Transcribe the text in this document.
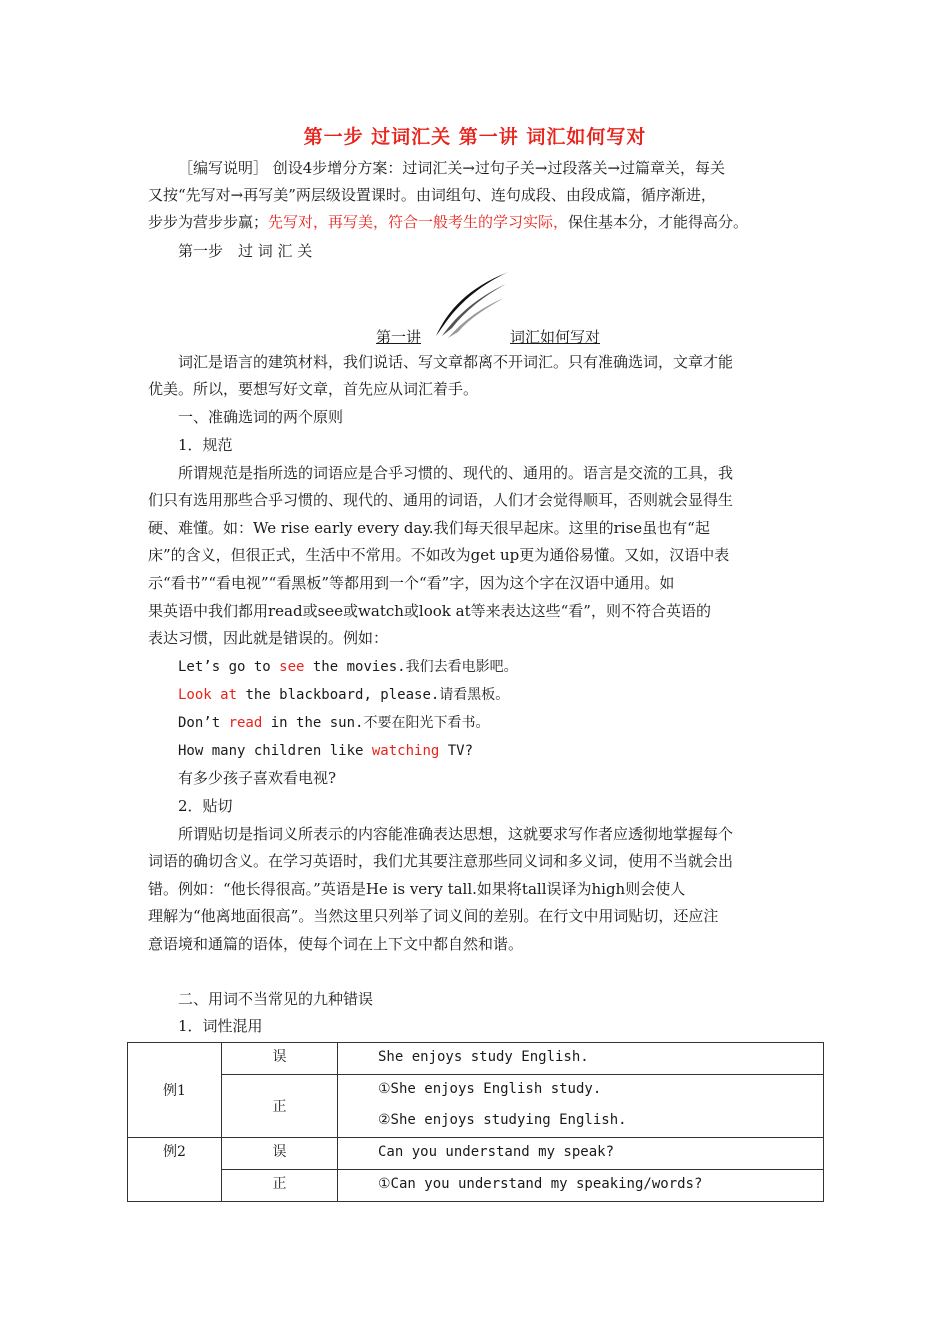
第一步 过词汇关 第一讲 词汇如何写对
［编写说明］ 创设4步增分方案：过词汇关→过句子关→过段落关→过篇章关，每关
又按“先写对→再写美”两层级设置课时。由词组句、连句成段、由段成篇，循序渐进，
步步为营步步赢；先写对，再写美，符合一般考生的学习实际，保住基本分，才能得高分。
第一步　过 词 汇 关
第一讲	词汇如何写对
词汇是语言的建筑材料，我们说话、写文章都离不开词汇。只有准确选词，文章才能
优美。所以，要想写好文章，首先应从词汇着手。
一、准确选词的两个原则
1．规范
所谓规范是指所选的词语应是合乎习惯的、现代的、通用的。语言是交流的工具，我
们只有选用那些合乎习惯的、现代的、通用的词语，人们才会觉得顺耳，否则就会显得生
硬、难懂。如：We rise early every day.我们每天很早起床。这里的rise虽也有“起
床”的含义，但很正式，生活中不常用。不如改为get up更为通俗易懂。又如，汉语中表
示“看书”“看电视”“看黑板”等都用到一个“看”字，因为这个字在汉语中通用。如
果英语中我们都用read或see或watch或look at等来表达这些“看”，则不符合英语的
表达习惯，因此就是错误的。例如：
Let’s go to see the movies.我们去看电影吧。
Look at the blackboard, please.请看黑板。
Don’t read in the sun.不要在阳光下看书。
How many children like watching TV?
有多少孩子喜欢看电视?
2．贴切
所谓贴切是指词义所表示的内容能准确表达思想，这就要求写作者应透彻地掌握每个
词语的确切含义。在学习英语时，我们尤其要注意那些同义词和多义词，使用不当就会出
错。例如：“他长得很高。”英语是He is very tall.如果将tall误译为high则会使人
理解为“他离地面很高”。当然这里只列举了词义间的差别。在行文中用词贴切，还应注
意语境和通篇的语体，使每个词在上下文中都自然和谐。
二、用词不当常见的九种错误
1．词性混用
例1	误	She enjoys study English.

	正	①She enjoys English study.
②She enjoys studying English.

例2	误	Can you understand my speak?

	正	①Can you understand my speaking/words?
